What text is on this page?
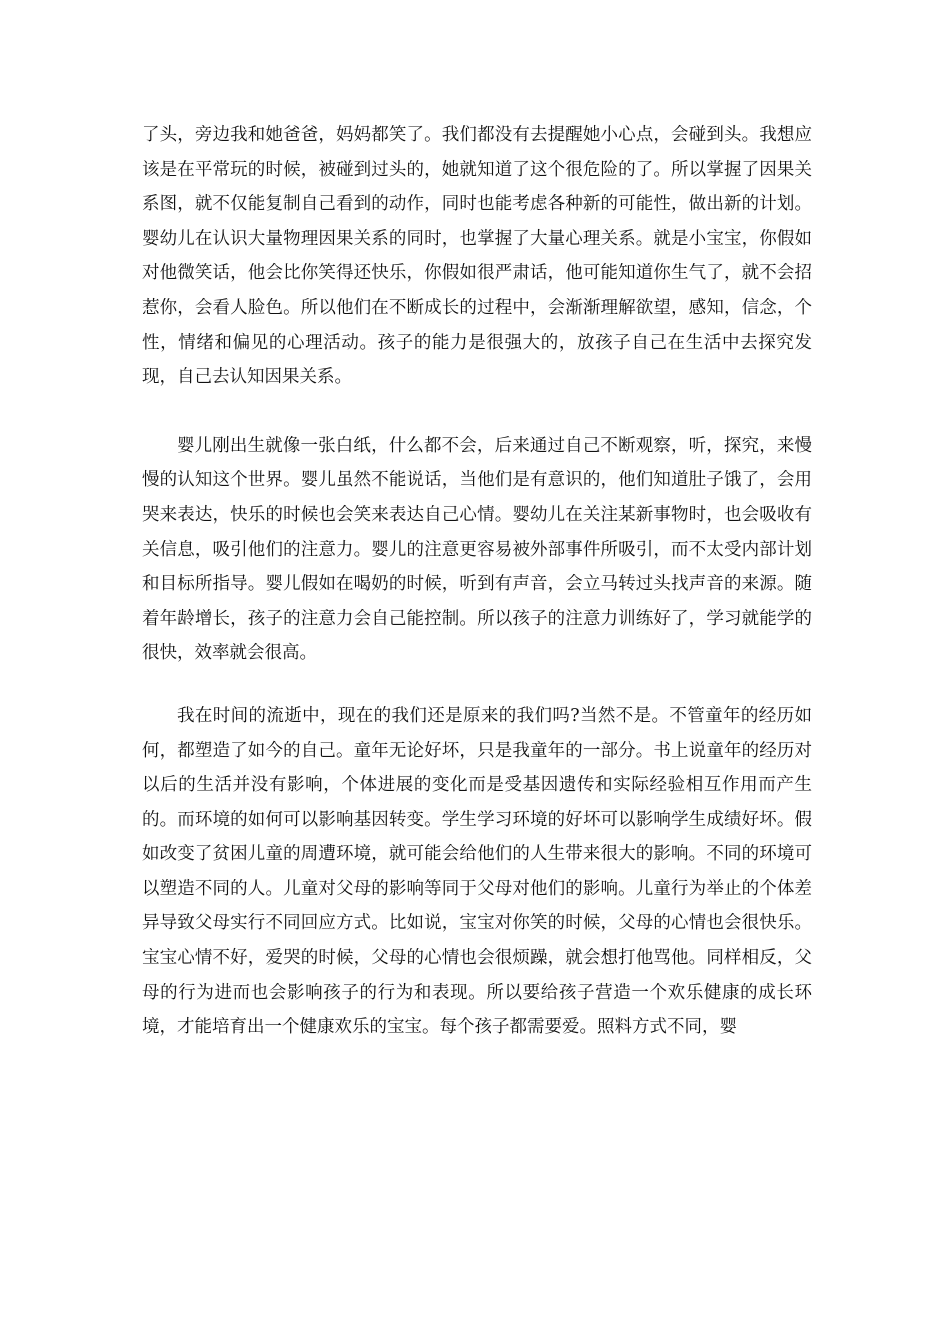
了头，旁边我和她爸爸，妈妈都笑了。我们都没有去提醒她小心点，会碰到头。我想应该是在平常玩的时候，被碰到过头的，她就知道了这个很危险的了。所以掌握了因果关系图，就不仅能复制自己看到的动作，同时也能考虑各种新的可能性，做出新的计划。婴幼儿在认识大量物理因果关系的同时，也掌握了大量心理关系。就是小宝宝，你假如对他微笑话，他会比你笑得还快乐，你假如很严肃话，他可能知道你生气了，就不会招惹你，会看人脸色。所以他们在不断成长的过程中，会渐渐理解欲望，感知，信念，个性，情绪和偏见的心理活动。孩子的能力是很强大的，放孩子自己在生活中去探究发现，自己去认知因果关系。

婴儿刚出生就像一张白纸，什么都不会，后来通过自己不断观察，听，探究，来慢慢的认知这个世界。婴儿虽然不能说话，当他们是有意识的，他们知道肚子饿了，会用哭来表达，快乐的时候也会笑来表达自己心情。婴幼儿在关注某新事物时，也会吸收有关信息，吸引他们的注意力。婴儿的注意更容易被外部事件所吸引，而不太受内部计划和目标所指导。婴儿假如在喝奶的时候，听到有声音，会立马转过头找声音的来源。随着年龄增长，孩子的注意力会自己能控制。所以孩子的注意力训练好了，学习就能学的很快，效率就会很高。

我在时间的流逝中，现在的我们还是原来的我们吗?当然不是。不管童年的经历如何，都塑造了如今的自己。童年无论好坏，只是我童年的一部分。书上说童年的经历对以后的生活并没有影响，个体进展的变化而是受基因遗传和实际经验相互作用而产生的。而环境的如何可以影响基因转变。学生学习环境的好坏可以影响学生成绩好坏。假如改变了贫困儿童的周遭环境，就可能会给他们的人生带来很大的影响。不同的环境可以塑造不同的人。儿童对父母的影响等同于父母对他们的影响。儿童行为举止的个体差异导致父母实行不同回应方式。比如说，宝宝对你笑的时候，父母的心情也会很快乐。宝宝心情不好，爱哭的时候，父母的心情也会很烦躁，就会想打他骂他。同样相反，父母的行为进而也会影响孩子的行为和表现。所以要给孩子营造一个欢乐健康的成长环境，才能培育出一个健康欢乐的宝宝。每个孩子都需要爱。照料方式不同，婴
